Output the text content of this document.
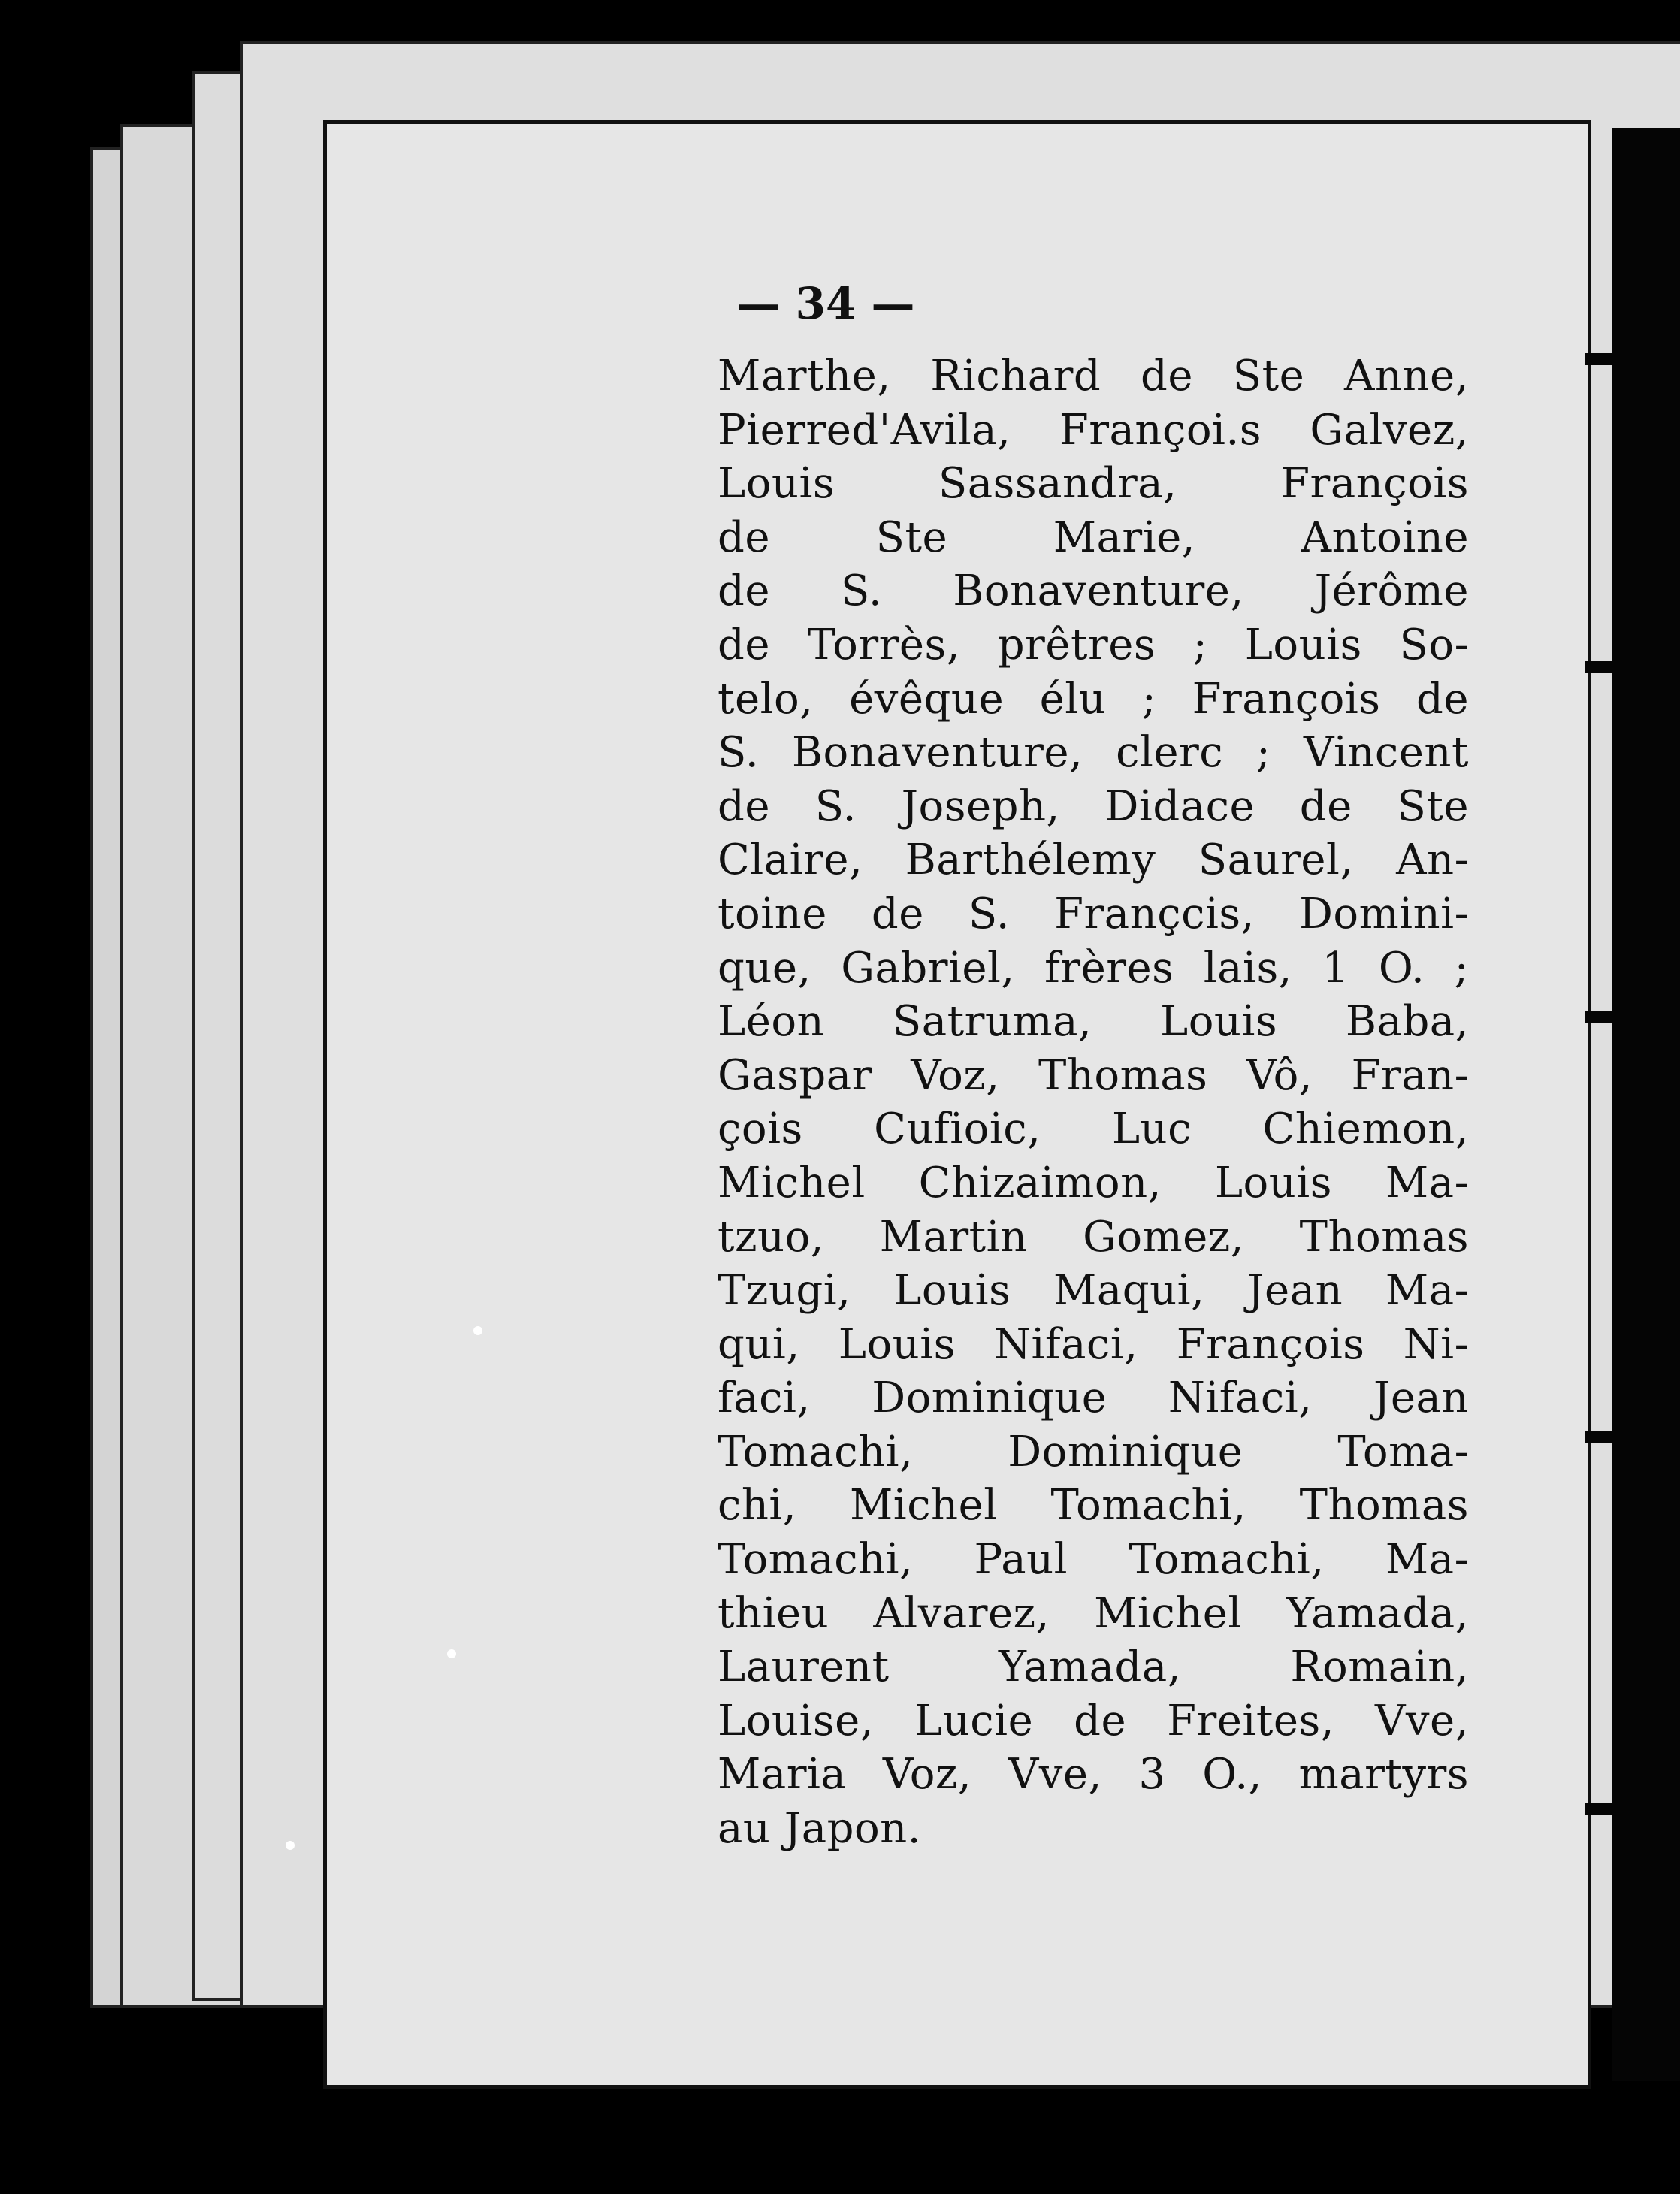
— 34 —
Marthe, Richard de Ste Anne,
Pierred'Avila, Françoi.s Galvez,
Louis Sassandra, François
de Ste Marie, Antoine
de S. Bonaventure, Jérôme
de Torrès, prêtres ; Louis So-
telo, évêque élu ; François de
S. Bonaventure, clerc ; Vincent
de S. Joseph, Didace de Ste
Claire, Barthélemy Saurel, An-
toine de S. Françcis, Domini-
que, Gabriel, frères lais, 1 O. ;
Léon Satruma, Louis Baba,
Gaspar Voz, Thomas Vô, Fran-
çois Cufioic, Luc Chiemon,
Michel Chizaimon, Louis Ma-
tzuo, Martin Gomez, Thomas
Tzugi, Louis Maqui, Jean Ma-
qui, Louis Nifaci, François Ni-
faci, Dominique Nifaci, Jean
Tomachi, Dominique Toma-
chi, Michel Tomachi, Thomas
Tomachi, Paul Tomachi, Ma-
thieu Alvarez, Michel Yamada,
Laurent Yamada, Romain,
Louise, Lucie de Freites, Vve,
Maria Voz, Vve, 3 O., martyrs
au Japon.
